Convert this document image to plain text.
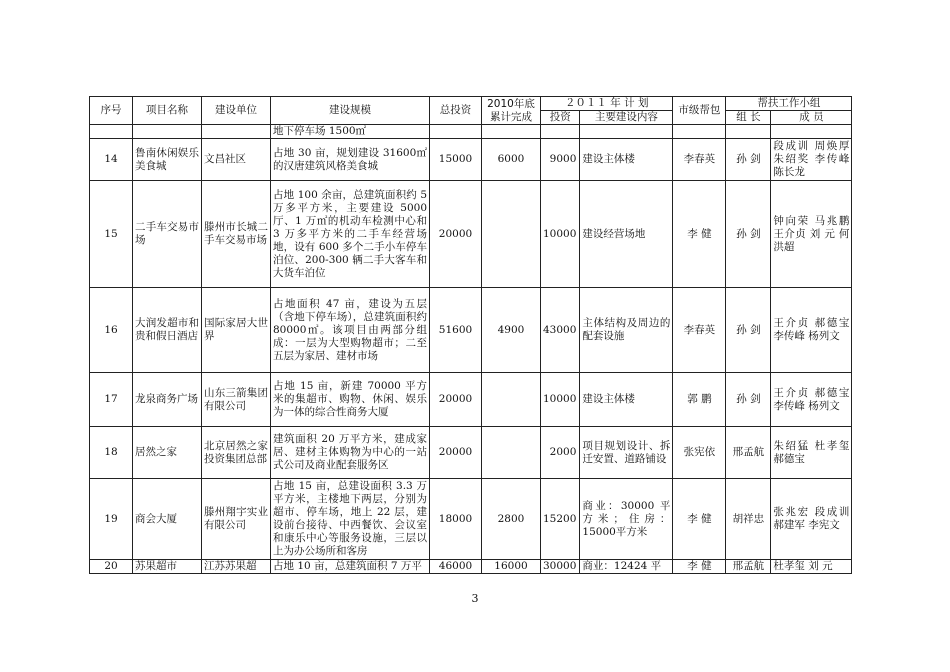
序号	项目名称	建设单位	建设规模	总投资	2010年底累计完成	２０１１ 年 计 划		市级帮包	帮扶工作小组	
						投资	主要建设内容		组 长	成 员
			地下停车场 1500㎡							
14	鲁南休闲娱乐美食城	文昌社区	占地 30 亩，规划建设 31600㎡的汉唐建筑风格美食城	15000	6000	9000	建设主体楼	李春英	孙 剑	段成训 周焕厚 朱绍奖 李传峰 陈长龙
15	二手车交易市场	滕州市长城二手车交易市场	占地 100 余亩，总建筑面积约 5 万多平方米，主要建设 5000 厅、1 万㎡的机动车检测中心和 3 万多平方米的二手车经营场地，设有 600 多个二手小车停车泊位、200-300 辆二手大客车和大货车泊位	20000		10000	建设经营场地	李 健	孙 剑	钟向荣 马兆鹏 王介贞 刘 元 何洪超
16	大润发超市和贵和假日酒店	国际家居大世界	占地面积 47 亩，建设为五层（含地下停车场），总建筑面积约 80000㎡。该项目由两部分组成：一层为大型购物超市；二至五层为家居、建材市场	51600	4900	43000	主体结构及周边的配套设施	李春英	孙 剑	王介贞 郝德宝 李传峰 杨列文
17	龙泉商务广场	山东三箭集团有限公司	占地 15 亩，新建 70000 平方米的集超市、购物、休闲、娱乐为一体的综合性商务大厦	20000		10000	建设主体楼	郭 鹏	孙 剑	王介贞 郝德宝 李传峰 杨列文
18	居然之家	北京居然之家投资集团总部	建筑面积 20 万平方米，建成家居、建材主体购物为中心的一站式公司及商业配套服务区	20000		2000	项目规划设计、拆迁安置、道路铺设	张宪依	邢孟航	朱绍猛 杜孝玺 郝德宝
19	商会大厦	滕州翔宇实业有限公司	占地 15 亩，总建设面积 3.3 万平方米，主楼地下两层，分别为超市、停车场，地上 22 层，建设前台接待、中西餐饮、会议室和康乐中心等服务设施，三层以上为办公场所和客房	18000	2800	15200	商业：30000 平方米；住房：15000平方米	李 健	胡祥忠	张兆宏 段成训 郝建军 李宪文
20	苏果超市	江苏苏果超	占地 10 亩，总建筑面积 7 万平	46000	16000	30000	商业：12424 平	李 健	邢孟航	杜孝玺 刘 元
3
